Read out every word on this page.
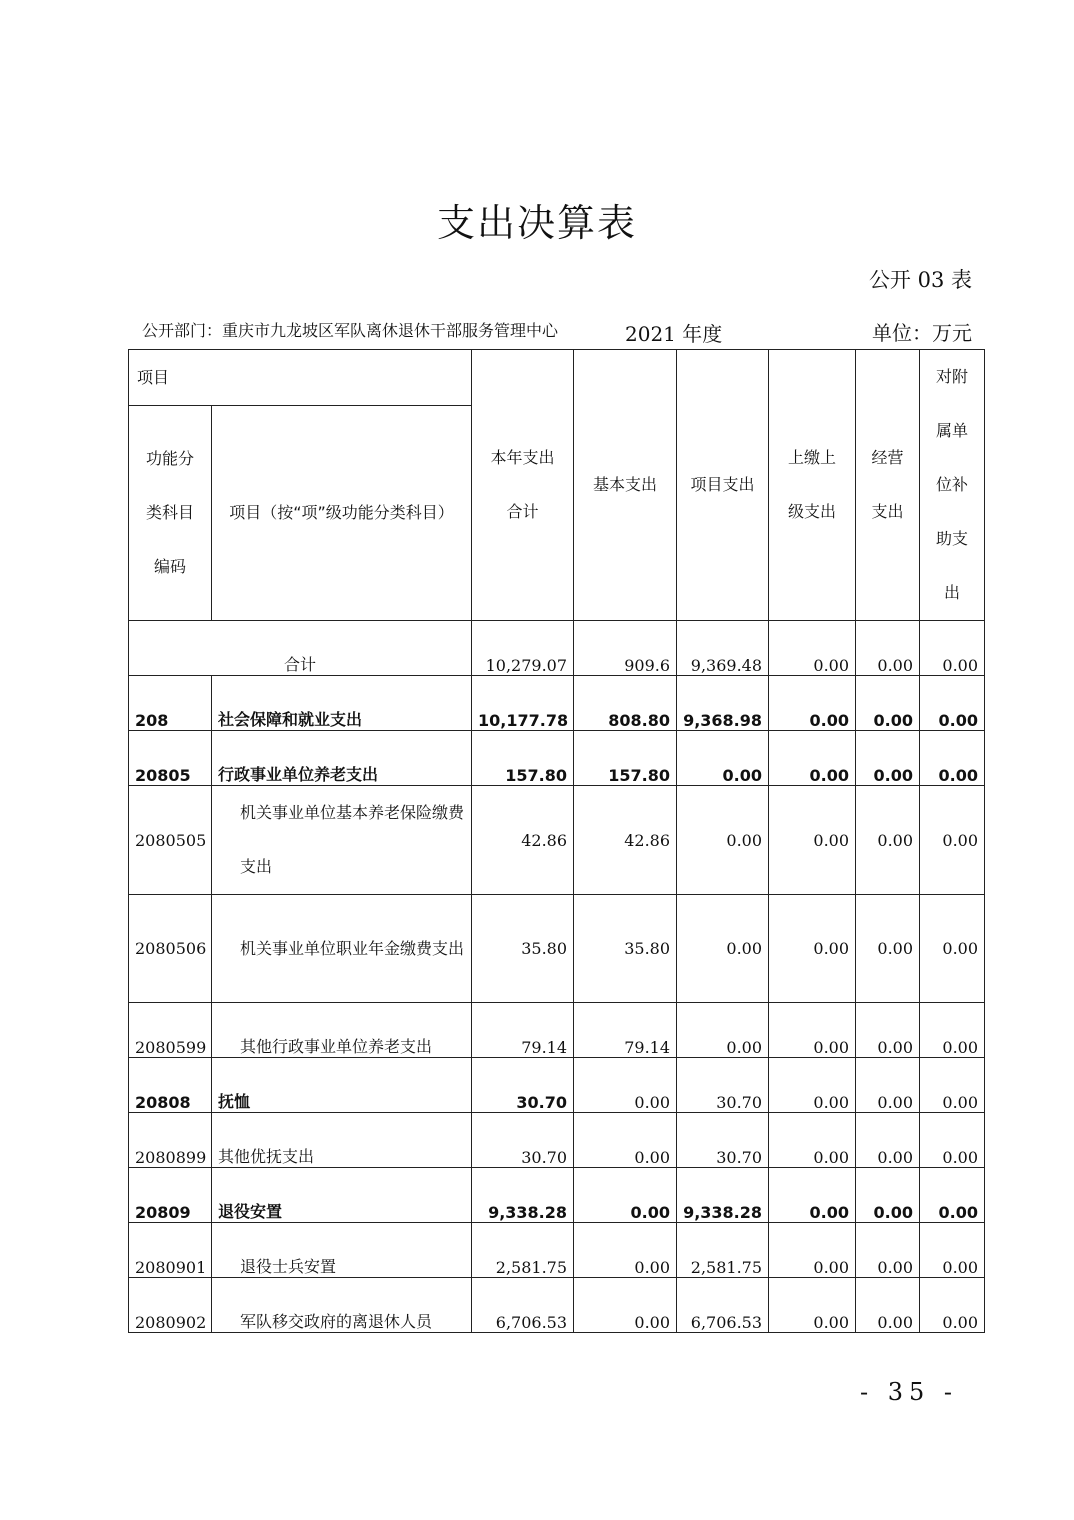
支出决算表
公开 03 表
公开部门：重庆市九龙坡区军队离休退休干部服务管理中心	2021 年度	单位：万元
项目		本年支出合计	基本支出	项目支出	上缴上级支出	经营支出	对附属单位补助支出
功能分类科目编码	项目（按“项”级功能分类科目）						
合计		10,279.07	909.6	9,369.48	0.00	0.00	0.00
208	社会保障和就业支出	10,177.78	808.80	9,368.98	0.00	0.00	0.00
20805	行政事业单位养老支出	157.80	157.80	0.00	0.00	0.00	0.00
2080505	机关事业单位基本养老保险缴费支出	42.86	42.86	0.00	0.00	0.00	0.00
2080506	机关事业单位职业年金缴费支出	35.80	35.80	0.00	0.00	0.00	0.00
2080599	其他行政事业单位养老支出	79.14	79.14	0.00	0.00	0.00	0.00
20808	抚恤	30.70	0.00	30.70	0.00	0.00	0.00
2080899	其他优抚支出	30.70	0.00	30.70	0.00	0.00	0.00
20809	退役安置	9,338.28	0.00	9,338.28	0.00	0.00	0.00
2080901	退役士兵安置	2,581.75	0.00	2,581.75	0.00	0.00	0.00
2080902	军队移交政府的离退休人员	6,706.53	0.00	6,706.53	0.00	0.00	0.00
- 35 -
